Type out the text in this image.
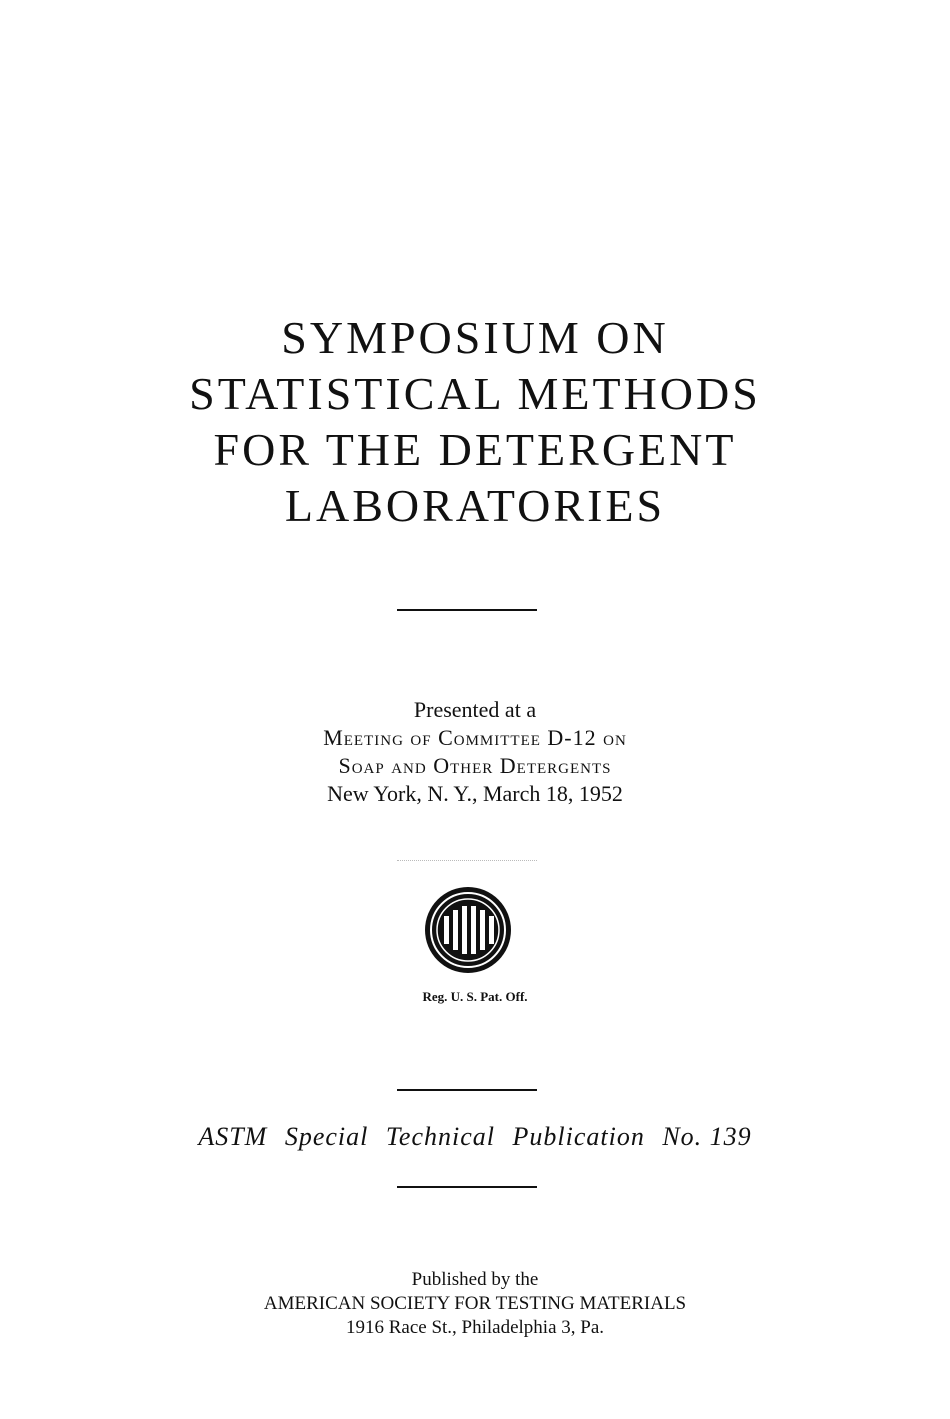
SYMPOSIUM ON
STATISTICAL METHODS
FOR THE DETERGENT
LABORATORIES
Presented at a
Meeting of Committee D-12 on
Soap and Other Detergents
New York, N. Y., March 18, 1952
Reg. U. S. Pat. Off.
ASTM Special Technical Publication No. 139
Published by the
AMERICAN SOCIETY FOR TESTING MATERIALS
1916 Race St., Philadelphia 3, Pa.
